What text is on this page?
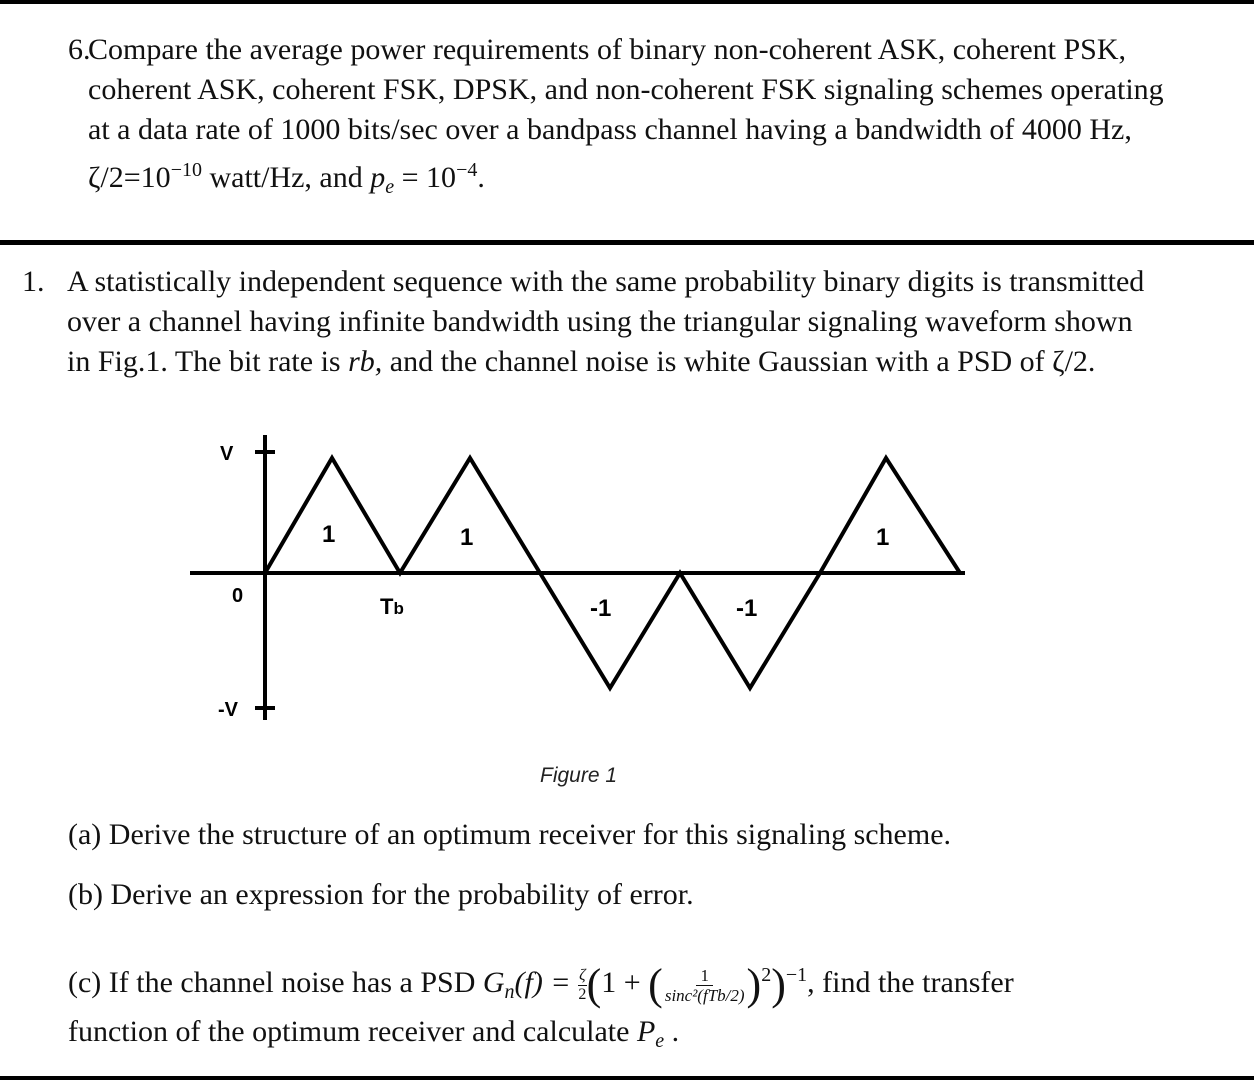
6.
Compare the average power requirements of binary non-coherent ASK, coherent PSK,
coherent ASK, coherent FSK, DPSK, and non-coherent FSK signaling schemes operating
at a data rate of 1000 bits/sec over a bandpass channel having a bandwidth of 4000 Hz,
$\zeta/2=10^{-10}$ watt/Hz, and $p_e = 10^{-4}$.
1. A statistically independent sequence with the same probability binary digits is transmitted
over a channel having infinite bandwidth using the triangular signaling waveform shown
in Fig.1. The bit rate is rb, and the channel noise is white Gaussian with a PSD of ζ/2.
V
0
-V
Tb
1	1
-1	-1
1
Figure 1
(a) Derive the structure of an optimum receiver for this signaling scheme.
(b) Derive an expression for the probability of error.
(c) If the channel noise has a PSD $G_n(f) = \frac{\zeta}{2} (1$ + ( 1
sinc²(fTb/2) )$^2$)$^{-1}$, find the transfer
function of the optimum receiver and calculate $P_e$ .
